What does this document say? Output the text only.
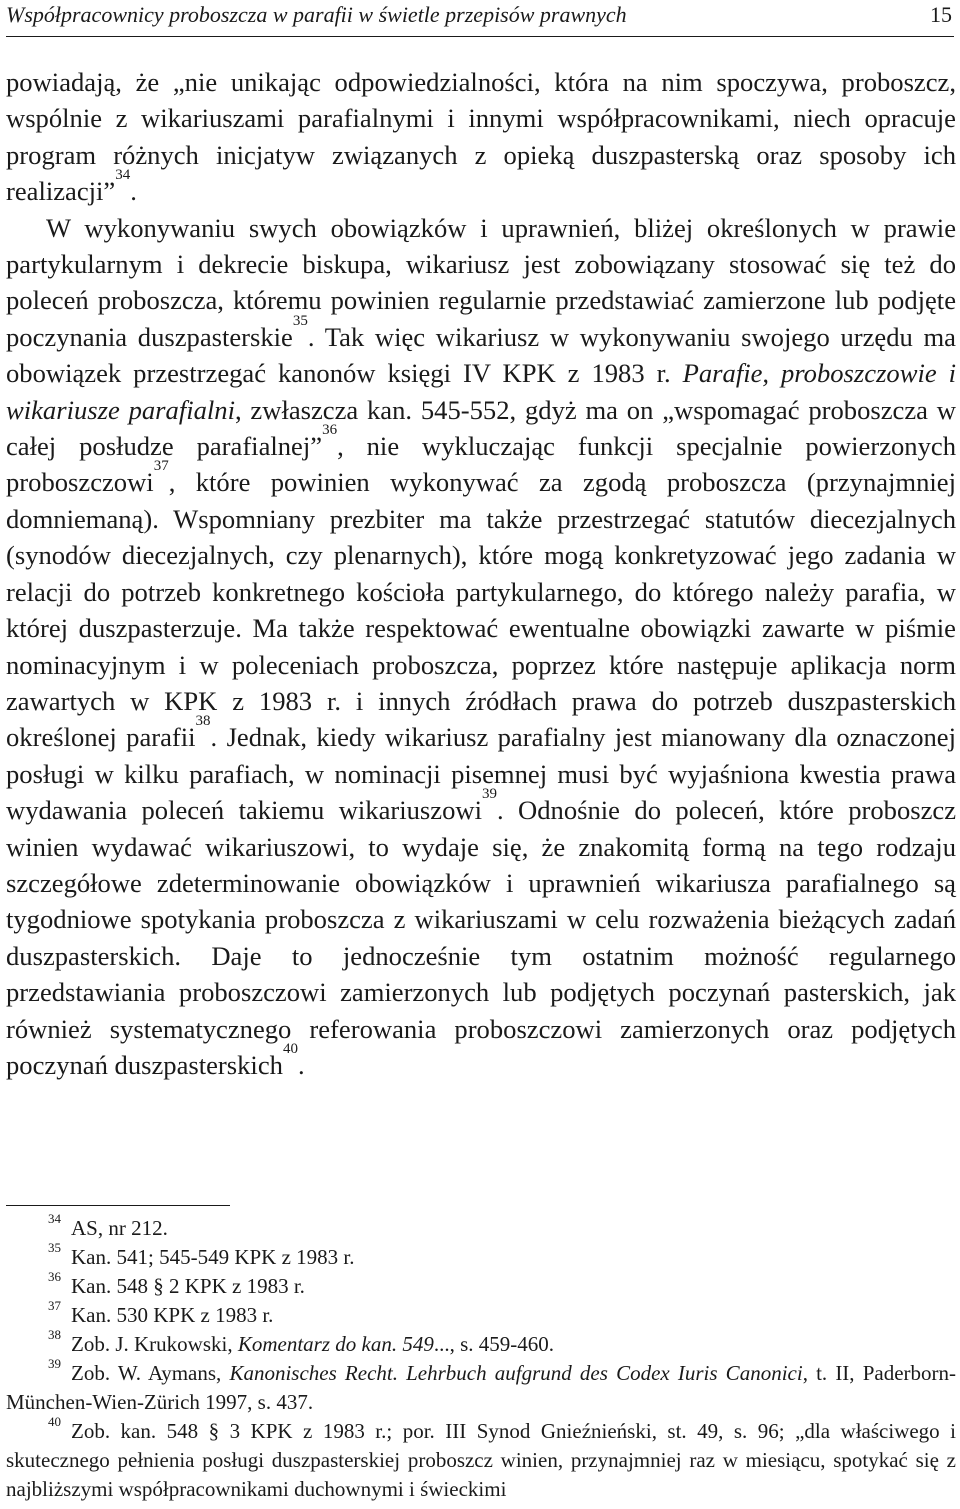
Współpracownicy proboszcza w parafii w świetle przepisów prawnych	15

powiadają, że „nie unikając odpowiedzialności, która na nim spoczywa, proboszcz, wspólnie z wikariuszami parafialnymi i innymi współpracownikami, niech opracuje program różnych inicjatyw związanych z opieką duszpasterską oraz sposoby ich realizacji”$^{34}$.

W wykonywaniu swych obowiązków i uprawnień, bliżej określonych w prawie partykularnym i dekrecie biskupa, wikariusz jest zobowiązany stosować się też do poleceń proboszcza, któremu powinien regularnie przedstawiać zamierzone lub podjęte poczynania duszpasterskie$^{35}$. Tak więc wikariusz w wykonywaniu swojego urzędu ma obowiązek przestrzegać kanonów księgi IV KPK z 1983 r. Parafie, proboszczowie i wikariusze parafialni, zwłaszcza kan. 545-552, gdyż ma on „wspomagać proboszcza w całej posłudze parafialnej”$^{36}$, nie wykluczając funkcji specjalnie powierzonych proboszczowi$^{37}$, które powinien wykonywać za zgodą proboszcza (przynajmniej domniemaną). Wspomniany prezbiter ma także przestrzegać statutów diecezjalnych (synodów diecezjalnych, czy plenarnych), które mogą konkretyzować jego zadania w relacji do potrzeb konkretnego kościoła partykularnego, do którego należy parafia, w której duszpasterzuje. Ma także respektować ewentualne obowiązki zawarte w piśmie nominacyjnym i w poleceniach proboszcza, poprzez które następuje aplikacja norm zawartych w KPK z 1983 r. i innych źródłach prawa do potrzeb duszpasterskich określonej parafii$^{38}$. Jednak, kiedy wikariusz parafialny jest mianowany dla oznaczonej posługi w kilku parafiach, w nominacji pisemnej musi być wyjaśniona kwestia prawa wydawania poleceń takiemu wikariuszowi$^{39}$. Odnośnie do poleceń, które proboszcz winien wydawać wikariuszowi, to wydaje się, że znakomitą formą na tego rodzaju szczegółowe zdeterminowanie obowiązków i uprawnień wikariusza parafialnego są tygodniowe spotykania proboszcza z wikariuszami w celu rozważenia bieżących zadań duszpasterskich. Daje to jednocześnie tym ostatnim możność regularnego przedstawiania proboszczowi zamierzonych lub podjętych poczynań pasterskich, jak również systematycznego referowania proboszczowi zamierzonych oraz podjętych poczynań duszpasterskich$^{40}$.

$^{34}$ AS, nr 212.

$^{35}$ Kan. 541; 545-549 KPK z 1983 r.

$^{36}$ Kan. 548 § 2 KPK z 1983 r.

$^{37}$ Kan. 530 KPK z 1983 r.

$^{38}$ Zob. J. Krukowski, Komentarz do kan. 549..., s. 459-460.

$^{39}$ Zob. W. Aymans, Kanonisches Recht. Lehrbuch aufgrund des Codex Iuris Canonici, t. II, Paderborn-München-Wien-Zürich 1997, s. 437.

$^{40}$ Zob. kan. 548 § 3 KPK z 1983 r.; por. III Synod Gnieźnieński, st. 49, s. 96; „dla właściwego i skutecznego pełnienia posługi duszpasterskiej proboszcz winien, przynajmniej raz w miesiącu, spotykać się z najbliższymi współpracownikami duchownymi i świeckimi
